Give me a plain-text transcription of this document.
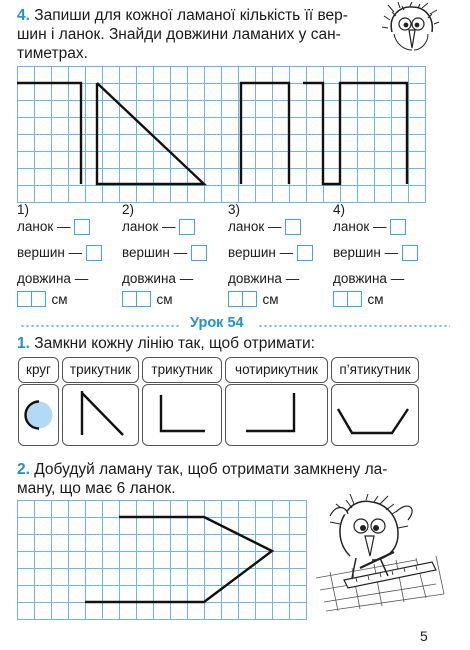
4. Запиши для кожної ламаної кількість її вер-
шин і ланок. Знайди довжини ламаних у сан-
тиметрах.
1)
ланок —
вершин —
довжина —
см
2)
ланок —
вершин —
довжина —
см
3)
ланок —
вершин —
довжина —
см
4)
ланок —
вершин —
довжина —
см
Урок 54
1. Замкни кожну лінію так, щоб отримати:
круг	трикутник	трикутник	чотирикутник	п’ятикутник
2. Добудуй ламану так, щоб отримати замкнену ла-
ману, що має 6 ланок.
5
